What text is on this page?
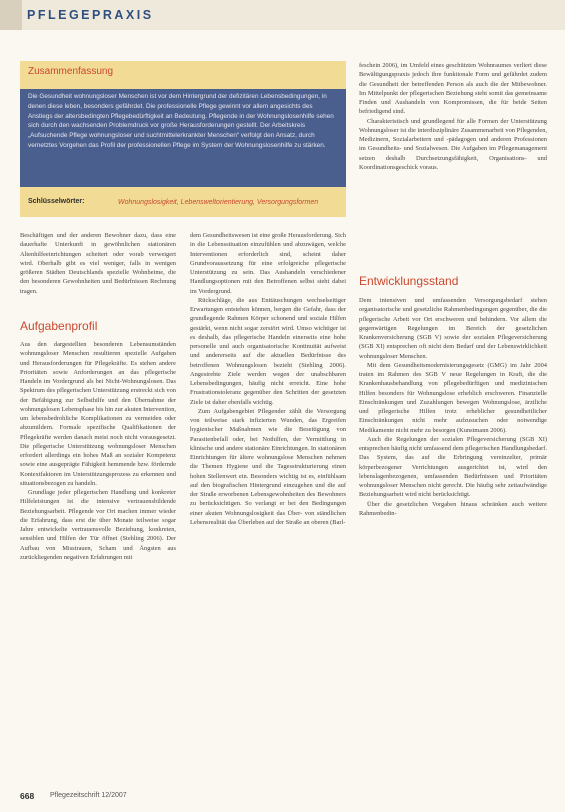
PFLEGEPRAXIS
Zusammenfassung
Die Gesundheit wohnungsloser Menschen ist vor dem Hintergrund der defizitären Lebensbedingungen, in denen diese leben, besonders gefährdet. Die professionelle Pflege gewinnt vor allem angesichts des Anstiegs der altersbedingten Pflegebedürftigkeit an Bedeutung. Pflegende in der Wohnungslosenhilfe sehen sich durch den wachsenden Problemdruck vor große Herausforderungen gestellt. Der Arbeitskreis „Aufsuchende Pflege wohnungsloser und suchtmittelerkrankter Menschen“ verfolgt den Ansatz, durch vernetztes Vorgehen das Profil der professionellen Pflege im System der Wohnungslosenhilfe zu stärken.
Schlüsselwörter:	Wohnungslosigkeit, Lebensweltorientierung, Versorgungsformen

Beschäftigen und der anderen Bewohner dazu, dass eine dauerhafte Unterkunft in gewöhnlichen stationären Altenhilfeeinrichtungen scheitert oder vorab verweigert wird. Oberhalb gibt es viel weniger, falls in wenigen größeren Städten Deutschlands spezielle Wohnheime, die den besonderen Gewohnheiten und Bedürfnissen Rechnung tragen.

Aufgabenprofil

Aus den dargestellten besonderen Lebensumständen wohnungsloser Menschen resultieren spezielle Aufgaben und Herausforderungen für Pflegekräfte. Es stehen andere Prioritäten sowie Anforderungen an das pflegerische Handeln im Vordergrund als bei Nicht-Wohnungslosen. Das Spektrum des pflegerischen Unterstützung erstreckt sich von der Befähigung zur Selbsthilfe und den Übernahme der wohnungslosen Lebensphase bis hin zur akuten Intervention, um lebensbedrohliche Komplikationen zu vermeiden oder abzumildern. Formale spezifische Qualifikationen der Pflegekräfte werden danach meist noch nicht vorausgesetzt. Die pflegerische Unterstützung wohnungsloser Menschen erfordert allerdings ein hohes Maß an sozialer Kompetenz sowie eine ausgeprägte Fähigkeit hemmende bzw. fördernde Kontextfaktoren im Unterstützungsprozess zu erkennen und situationsbezogen zu handeln.

Grundlage jeder pflegerischen Handlung und konkreter Hilfeleistungen ist die intensive vertrauensbildende Beziehungsarbeit. Pflegende vor Ort machen immer wieder die Erfahrung, dass erst die über Monate teilweise sogar Jahre entwickelte vertrauensvolle Beziehung, konkreten, sensiblen und Hilfen der Tür öffnet (Stehling 2006). Der Aufbau von Misstrauen, Scham und Ängsten aus zurückliegenden negativen Erfahrungen mit

dem Gesundheitswesen ist eine große Herausforderung. Sich in die Lebenssituation einzufühlen und abzuwägen, welche Interventionen erforderlich sind, scheint daher Grundvoraussetzung für eine erfolgreiche pflegerische Unterstützung zu sein. Das Aushandeln verschiedener Handlungsoptionen mit den Betroffenen selbst steht dabei im Vordergrund.

Rückschläge, die aus Enttäuschungen wechselseitiger Erwartungen entstehen können, bergen die Gefahr, dass der grundlegende Rahmen Körper schonend und soziale Hilfen gestärkt, wenn nicht sogar zerstört wird. Umso wichtiger ist es deshalb, das pflegerische Handeln einerseits eine hohe personelle und auch organisatorische Kontinuität aufweist und andererseits auf die aktuellen Bedürfnisse des betroffenen Wohnungslosen bezieht (Stehling 2006). Angestrebte Ziele werden wegen der unabschbaren Lebensbedingungen, häufig nicht erreicht. Eine hohe Frustrationstoleranz gegenüber den Schritten der gesetzten Ziele ist daher ebenfalls wichtig.

Zum Aufgabengebiet Pflegender zählt die Versorgung von teilweise stark infizierten Wunden, das Ergreifen hygienischer Maßnahmen wie die Beseitigung von Parasitenbefall oder, bei Nothilfen, der Vermittlung in klinische und andere stationäre Einrichtungen. In stationären Einrichtungen für ältere wohnungslose Menschen nehmen die Themen Hygiene und die Tagesstrukturierung einen hohen Stellenwert ein. Besonders wichtig ist es, einfühlsam auf den biografischen Hintergrund einzugehen und die auf der Straße erworbenen Lebensgewohnheiten des Bewohners zu berücksichtigen. So verlangt er bei den Bedingungen einer akuten Wohnungslosigkeit das Über- von ständlichen Lebensrealität das Überleben auf der Straße an oberen (Barl-

feschein 2006), im Umfeld eines geschützten Wohnraumes verliert diese Bewältigungspraxis jedoch ihre funktionale Form und gefährdet zudem die Gesundheit der betreffenden Person als auch die der Mitbewohner. Im Mittelpunkt der pflegerischen Beziehung steht somit das gemeinsame Finden und Aushandeln von Kompromissen, die für beide Seiten befriedigend sind.

Charakteristisch und grundlegend für alle Formen der Unterstützung Wohnungsloser ist die interdisziplinäre Zusammenarbeit von Pflegenden, Medizinern, Sozialarbeitern und -pädagogen und anderen Professionen im Gesundheits- und Sozialwesen. Die Aufgaben im Pflegemanagement setzen deshalb Durchsetzungsfähigkeit, Organisations- und Koordinationsgeschick voraus.

Entwicklungsstand

Dem intensiven und umfassenden Versorgungsbedarf stehen organisatorische und gesetzliche Rahmenbedingungen gegenüber, die die pflegerische Arbeit vor Ort erschweren und behindern. Vor allem die gegenwärtigen Regelungen im Bereich der gesetzlichen Krankenversicherung (SGB V) sowie der sozialen Pflegeversicherung (SGB XI) entsprechen oft nicht dem Bedarf und der Lebenswirklichkeit wohnungsloser Menschen.

Mit dem Gesundheitsmodernisierungsgesetz (GMG) im Jahr 2004 traten im Rahmen des SGB V neue Regelungen in Kraft, die die Krankenhausbehandlung von pflegebedürftigen und medizinischen Hilfen besonders für Wohnungslose erheblich erschweren. Finanzielle Einschränkungen und Zuzahlungen bewegen Wohnungslose, ärztliche und pflegerische Hilfen trotz erheblicher gesundheitlicher Einschränkungen nicht mehr aufzusuchen oder notwendige Medikamente nicht mehr zu besorgen (Kunstmann 2006).

Auch die Regelungen der sozialen Pflegeversicherung (SGB XI) entsprechen häufig nicht umfassend dem pflegerischen Handlungsbedarf. Das System, das auf die Erbringung vereinzelter, primär körperbezogener Verrichtungen ausgerichtet ist, wird den lebenslagenbezogenen, umfassenden Bedürfnissen und Prioritäten wohnungsloser Menschen nicht gerecht. Die häufig sehr zeitaufwändige Beziehungsarbeit wird nicht berücksichtigt.

Über die gesetzlichen Vorgaben hinaus schränken auch weitere Rahmenbedin-

668 Pflegezeitschrift 12/2007
